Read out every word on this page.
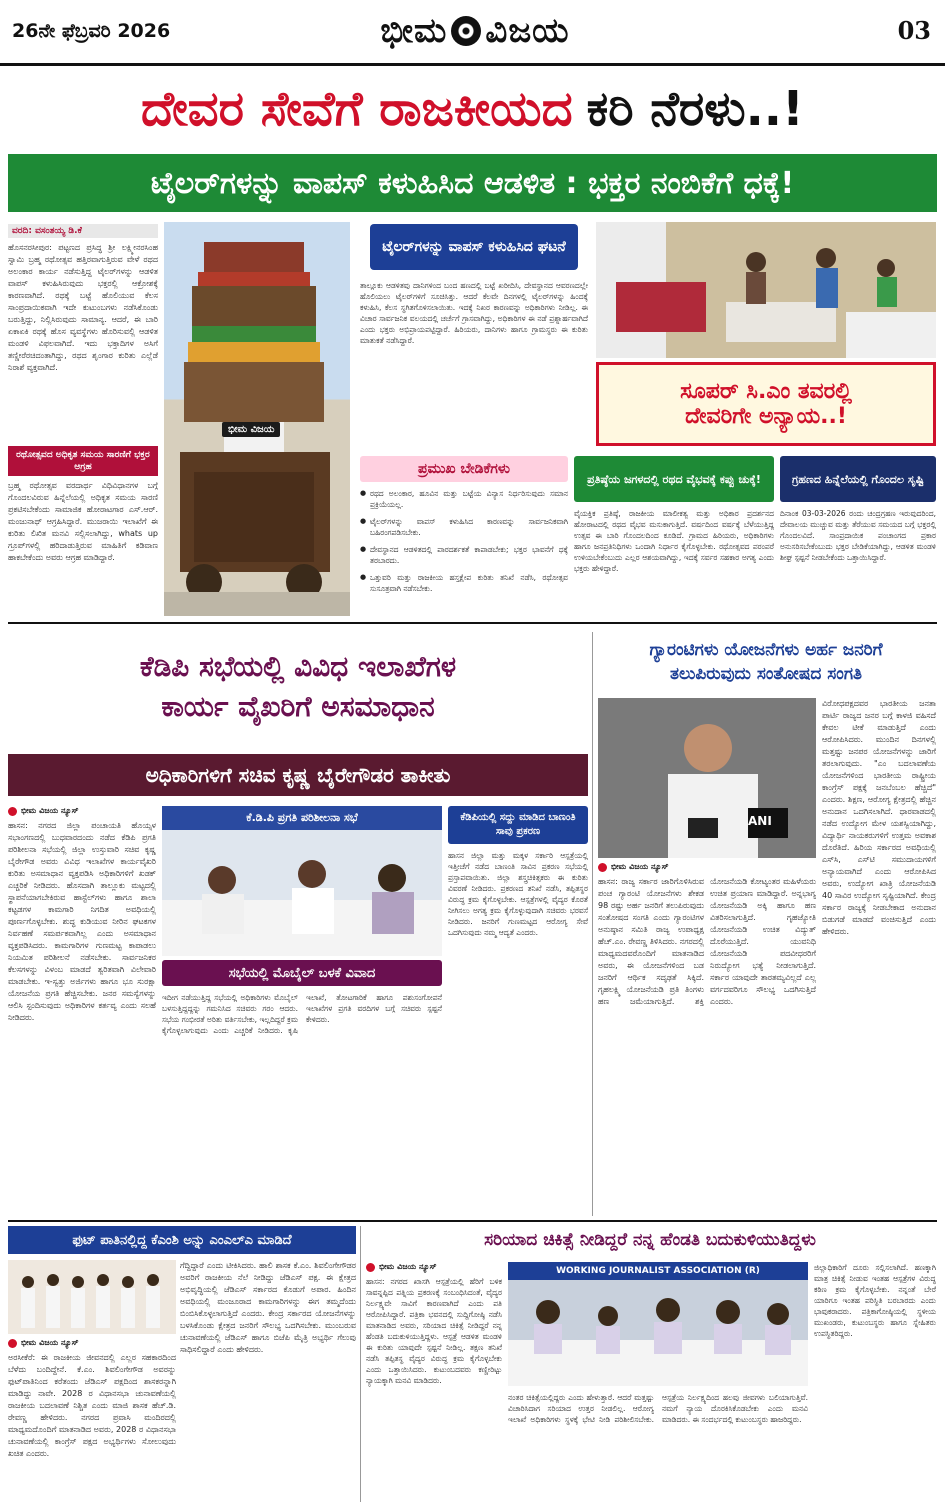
26ನೇ ಫೆಬ್ರವರಿ 2026	ಭೀಮ ವಿಜಯ	03
ದೇವರ ಸೇವೆಗೆ ರಾಜಕೀಯದ ಕರಿ ನೆರಳು..!
ಟೈಲರ್‌ಗಳನ್ನು ವಾಪಸ್ ಕಳುಹಿಸಿದ ಆಡಳಿತ : ಭಕ್ತರ ನಂಬಿಕೆಗೆ ಧಕ್ಕೆ!
ವರದಿ: ವಸಂತಯ್ಯ ಡಿ.ಕೆ
ಹೊಸನರಸೀಪುರ: ಪಟ್ಟಣದ ಪ್ರಸಿದ್ಧ ಶ್ರೀ ಲಕ್ಷ್ಮೀನರಸಿಂಹ ಸ್ವಾಮಿ ಬ್ರಹ್ಮ ರಥೋತ್ಸವ ಹತ್ತಿರವಾಗುತ್ತಿರುವ ವೇಳೆ ರಥದ ಅಲಂಕಾರ ಕಾರ್ಯ ನಡೆಸುತ್ತಿದ್ದ ಟೈಲರ್‌ಗಳನ್ನು ಆಡಳಿತ ವಾಪಸ್ ಕಳುಹಿಸಿರುವುದು ಭಕ್ತರಲ್ಲಿ ಆಕ್ರೋಶಕ್ಕೆ ಕಾರಣವಾಗಿದೆ. ರಥಕ್ಕೆ ಬಟ್ಟೆ ಹೊಲಿಯುವ ಕೆಲಸ ಸಾಂಪ್ರದಾಯಿಕವಾಗಿ ಇದೇ ಕುಟುಂಬಗಳು ನಡೆಸಿಕೊಂಡು ಬರುತ್ತಿದ್ದು, ನಿಲ್ಲಿಸಿರುವುದು ಸಾಮಾನ್ಯ. ಆದರೆ, ಈ ಬಾರಿ ಏಕಾಏಕಿ ರಥಕ್ಕೆ ಹೊಸ ವ್ಯವಸ್ಥೆಗಳು ಹೊರಿಸುವಲ್ಲಿ ಆಡಳಿತ ಮಂಡಳಿ ವಿಫಲವಾಗಿದೆ. ಇದು ಭಕ್ತಾದಿಗಳ ಅಸಿಗೆ ತಣ್ಣೀರೆರಚಿದಂತಾಗಿದ್ದು, ರಥದ ಶೃಂಗಾರ ಕುರಿತು ಎಲ್ಲೆಡೆ ನಿರಾಶೆ ವ್ಯಕ್ತವಾಗಿದೆ.
ರಥೋತ್ಸವದ ಅಧಿಕೃತ ಸಮಯ ಸಾರಣಿಗೆ ಭಕ್ತರ ಆಗ್ರಹ
ಬ್ರಹ್ಮ ರಥೋತ್ಸವ ವರದಾರ್ಥ ವಿಧಿವಿಧಾನಗಳ ಬಗ್ಗೆ ಗೊಂದಲವಿರುವ ಹಿನ್ನೆಲೆಯಲ್ಲಿ ಅಧಿಕೃತ ಸಮಯ ಸಾರಣಿ ಪ್ರಕಟಿಸಬೇಕೆಂದು ಸಾಮಾಜಿಕ ಹೋರಾಟಗಾರ ಎಸ್.ಆರ್. ಮಂಜುನಾಥ್ ಆಗ್ರಹಿಸಿದ್ದಾರೆ. ಮುಜರಾಯಿ ಇಲಾಖೆಗೆ ಈ ಕುರಿತು ಲಿಖಿತ ಮನವಿ ಸಲ್ಲಿಸಲಾಗಿದ್ದು, whats up ಗ್ರೂಪ್‌ಗಳಲ್ಲಿ ಹರಿದಾಡುತ್ತಿರುವ ಮಾಹಿತಿಗೆ ಕಡಿವಾಣ ಹಾಕಬೇಕೆಂದು ಅವರು ಆಗ್ರಹ ಮಾಡಿದ್ದಾರೆ.
ಭೀಮ ವಿಜಯ
ಟೈಲರ್‌ಗಳನ್ನು ವಾಪಸ್ ಕಳುಹಿಸಿದ ಘಟನೆ
ತಾಲ್ಲೂಕು ಆಡಳಿತವು ದಾನಿಗಳಿಂದ ಬಂದ ಹಣದಲ್ಲಿ ಬಟ್ಟೆ ಖರೀದಿಸಿ, ದೇವಸ್ಥಾನದ ಆವರಣದಲ್ಲೇ ಹೊಲಿಯಲು ಟೈಲರ್‌ಗಳಿಗೆ ಸೂಚಿಸಿತ್ತು. ಆದರೆ ಕೆಲವೇ ದಿನಗಳಲ್ಲಿ ಟೈಲರ್‌ಗಳನ್ನು ಹಿಂದಕ್ಕೆ ಕಳುಹಿಸಿ, ಕೆಲಸ ಸ್ಥಗಿತಗೊಳಿಸಲಾಯಿತು. ಇದಕ್ಕೆ ನಿಖರ ಕಾರಣವನ್ನು ಅಧಿಕಾರಿಗಳು ನೀಡಿಲ್ಲ. ಈ ವಿಚಾರ ಸಾರ್ವಜನಿಕ ವಲಯದಲ್ಲಿ ಚರ್ಚೆಗೆ ಗ್ರಾಸವಾಗಿದ್ದು, ಅಧಿಕಾರಿಗಳ ಈ ನಡೆ ಪ್ರಶ್ನಾರ್ಹವಾಗಿದೆ ಎಂದು ಭಕ್ತರು ಅಭಿಪ್ರಾಯಪಟ್ಟಿದ್ದಾರೆ. ಹಿರಿಯರು, ದಾನಿಗಳು ಹಾಗೂ ಗ್ರಾಮಸ್ಥರು ಈ ಕುರಿತು ಮಾತುಕತೆ ನಡೆಸಿದ್ದಾರೆ.
ಸೂಪರ್ ಸಿ.ಎಂ ತವರಲ್ಲಿ
ದೇವರಿಗೇ ಅನ್ಯಾಯ..!
ಪ್ರಮುಖ ಬೇಡಿಕೆಗಳು
● ರಥದ ಅಲಂಕಾರ, ಹೂವಿನ ಮತ್ತು ಬಟ್ಟೆಯ ವಿನ್ಯಾಸ ನಿರ್ಧರಿಸುವುದು ಸಮಾನ ಪ್ರಕ್ರಿಯೆಯಲ್ಲ.
● ಟೈಲರ್‌ಗಳನ್ನು ವಾಪಸ್ ಕಳುಹಿಸಿದ ಕಾರಣವನ್ನು ಸಾರ್ವಜನಿಕವಾಗಿ ಬಹಿರಂಗಪಡಿಸಬೇಕು.
● ದೇವಸ್ಥಾನದ ಆಡಳಿತದಲ್ಲಿ ಪಾರದರ್ಶಕತೆ ಕಾಪಾಡಬೇಕು; ಭಕ್ತರ ಭಾವನೆಗೆ ಧಕ್ಕೆ ತರಬಾರದು.
● ಒತ್ತುವರಿ ಮತ್ತು ರಾಜಕೀಯ ಹಸ್ತಕ್ಷೇಪ ಕುರಿತು ತನಿಖೆ ನಡೆಸಿ, ರಥೋತ್ಸವ ಸುಸೂತ್ರವಾಗಿ ನಡೆಸಬೇಕು.
ಪ್ರತಿಷ್ಠೆಯ ಜಗಳದಲ್ಲಿ ರಥದ ವೈಭವಕ್ಕೆ ಕಪ್ಪು ಚುಕ್ಕೆ!
ವೈಯಕ್ತಿಕ ಪ್ರತಿಷ್ಠೆ, ರಾಜಕೀಯ ಮಾಲೀಕತ್ವ ಮತ್ತು ಅಧಿಕಾರ ಪ್ರದರ್ಶನದ ಹೋರಾಟದಲ್ಲಿ ರಥದ ವೈಭವ ಮಸುಕಾಗುತ್ತಿದೆ. ವರ್ಷದಿಂದ ವರ್ಷಕ್ಕೆ ಬೆಳೆಯುತ್ತಿದ್ದ ಉತ್ಸವ ಈ ಬಾರಿ ಗೊಂದಲದಿಂದ ಕೂಡಿದೆ. ಗ್ರಾಮದ ಹಿರಿಯರು, ಅಧಿಕಾರಿಗಳು ಹಾಗೂ ಜನಪ್ರತಿನಿಧಿಗಳು ಒಂದಾಗಿ ನಿರ್ಧಾರ ಕೈಗೊಳ್ಳಬೇಕು. ರಥೋತ್ಸವದ ಪರಂಪರೆ ಉಳಿಯಬೇಕೆಂಬುದು ಎಲ್ಲರ ಆಶಯವಾಗಿದ್ದು, ಇದಕ್ಕೆ ಸರ್ವರ ಸಹಕಾರ ಅಗತ್ಯ ಎಂದು ಭಕ್ತರು ಹೇಳಿದ್ದಾರೆ.
ಗ್ರಹಣದ ಹಿನ್ನೆಲೆಯಲ್ಲಿ ಗೊಂದಲ ಸೃಷ್ಟಿ
ದಿನಾಂಕ 03-03-2026 ರಂದು ಚಂದ್ರಗ್ರಹಣ ಇರುವುದರಿಂದ, ದೇವಾಲಯ ಮುಚ್ಚುವ ಮತ್ತು ತೆರೆಯುವ ಸಮಯದ ಬಗ್ಗೆ ಭಕ್ತರಲ್ಲಿ ಗೊಂದಲವಿದೆ. ಸಾಂಪ್ರದಾಯಿಕ ಪಂಚಾಂಗದ ಪ್ರಕಾರ ಅನುಸರಿಸಬೇಕೆಂಬುದು ಭಕ್ತರ ಬೇಡಿಕೆಯಾಗಿದ್ದು, ಆಡಳಿತ ಮಂಡಳಿ ಶೀಘ್ರ ಸ್ಪಷ್ಟನೆ ನೀಡಬೇಕೆಂದು ಒತ್ತಾಯಿಸಿದ್ದಾರೆ.
ಕೆಡಿಪಿ ಸಭೆಯಲ್ಲಿ ವಿವಿಧ ಇಲಾಖೆಗಳ
ಕಾರ್ಯ ವೈಖರಿಗೆ ಅಸಮಾಧಾನ
ಅಧಿಕಾರಿಗಳಿಗೆ ಸಚಿವ ಕೃಷ್ಣ ಬೈರೇಗೌಡರ ತಾಕೀತು
ಭೀಮ ವಿಜಯ ನ್ಯೂಸ್
ಹಾಸನ: ನಗರದ ಜಿಲ್ಲಾ ಪಂಚಾಯತಿ ಹೊಯ್ಸಳ ಸಭಾಂಗಣದಲ್ಲಿ ಬುಧವಾರದಂದು ನಡೆದ ಕೆಡಿಪಿ ಪ್ರಗತಿ ಪರಿಶೀಲನಾ ಸಭೆಯಲ್ಲಿ ಜಿಲ್ಲಾ ಉಸ್ತುವಾರಿ ಸಚಿವ ಕೃಷ್ಣ ಬೈರೇಗೌಡ ಅವರು ವಿವಿಧ ಇಲಾಖೆಗಳ ಕಾರ್ಯವೈಖರಿ ಕುರಿತು ಅಸಮಾಧಾನ ವ್ಯಕ್ತಪಡಿಸಿ ಅಧಿಕಾರಿಗಳಿಗೆ ಖಡಕ್ ಎಚ್ಚರಿಕೆ ನೀಡಿದರು. ಹೊಸದಾಗಿ ತಾಲ್ಲೂಕು ಮಟ್ಟದಲ್ಲಿ ಸ್ಥಾಪನೆಯಾಗಬೇಕಿರುವ ಹಾಸ್ಟೆಲ್‌ಗಳು ಹಾಗೂ ಶಾಲಾ ಕಟ್ಟಡಗಳ ಕಾಮಗಾರಿ ನಿಗದಿತ ಅವಧಿಯಲ್ಲಿ ಪೂರ್ಣಗೊಳ್ಳಬೇಕು. ಶುದ್ಧ ಕುಡಿಯುವ ನೀರಿನ ಘಟಕಗಳ ನಿರ್ವಹಣೆ ಸಮರ್ಪಕವಾಗಿಲ್ಲ ಎಂದು ಅಸಮಾಧಾನ ವ್ಯಕ್ತಪಡಿಸಿದರು. ಕಾಮಗಾರಿಗಳ ಗುಣಮಟ್ಟ ಕಾಪಾಡಲು ನಿಯಮಿತ ಪರಿಶೀಲನೆ ನಡೆಸಬೇಕು. ಸಾರ್ವಜನಿಕರ ಕೆಲಸಗಳನ್ನು ವಿಳಂಬ ಮಾಡದೆ ತ್ವರಿತವಾಗಿ ವಿಲೇವಾರಿ ಮಾಡಬೇಕು. ಇ-ಸ್ವತ್ತು ಅರ್ಜಿಗಳು ಹಾಗೂ ಭೂ ಸುರಕ್ಷಾ ಯೋಜನೆಯ ಪ್ರಗತಿ ಹೆಚ್ಚಿಸಬೇಕು. ಜನರ ಸಮಸ್ಯೆಗಳನ್ನು ಆಲಿಸಿ ಸ್ಪಂದಿಸುವುದು ಅಧಿಕಾರಿಗಳ ಕರ್ತವ್ಯ ಎಂದು ಸಲಹೆ ನೀಡಿದರು.
ಕೆ.ಡಿ.ಪಿ ಪ್ರಗತಿ ಪರಿಶೀಲನಾ ಸಭೆ	ಕೆಡಿಪಿಯಲ್ಲಿ ಸದ್ದು ಮಾಡಿದ ಬಾಣಂತಿ ಸಾವು ಪ್ರಕರಣ
ಹಾಸನ ಜಿಲ್ಲಾ ಮತ್ತು ಮಕ್ಕಳ ಸರ್ಕಾರಿ ಆಸ್ಪತ್ರೆಯಲ್ಲಿ ಇತ್ತೀಚೆಗೆ ನಡೆದ ಬಾಣಂತಿ ಸಾವಿನ ಪ್ರಕರಣ ಸಭೆಯಲ್ಲಿ ಪ್ರಸ್ತಾಪವಾಯಿತು. ಜಿಲ್ಲಾ ಶಸ್ತ್ರಚಿಕಿತ್ಸಕರು ಈ ಕುರಿತು ವಿವರಣೆ ನೀಡಿದರು. ಪ್ರಕರಣದ ತನಿಖೆ ನಡೆಸಿ, ತಪ್ಪಿತಸ್ಥರ ವಿರುದ್ಧ ಕ್ರಮ ಕೈಗೊಳ್ಳಬೇಕು. ಆಸ್ಪತ್ರೆಗಳಲ್ಲಿ ವೈದ್ಯರ ಕೊರತೆ ನೀಗಿಸಲು ಅಗತ್ಯ ಕ್ರಮ ಕೈಗೊಳ್ಳುವುದಾಗಿ ಸಚಿವರು ಭರವಸೆ ನೀಡಿದರು. ಜನರಿಗೆ ಗುಣಮಟ್ಟದ ಆರೋಗ್ಯ ಸೇವೆ ಒದಗಿಸುವುದು ನಮ್ಮ ಆದ್ಯತೆ ಎಂದರು.
ಸಭೆಯಲ್ಲಿ ಮೊಬೈಲ್ ಬಳಕೆ ವಿವಾದ
ಇದೀಗ ನಡೆಯುತ್ತಿದ್ದ ಸಭೆಯಲ್ಲಿ ಅಧಿಕಾರಿಗಳು ಮೊಬೈಲ್ ಬಳಸುತ್ತಿದ್ದದ್ದನ್ನು ಗಮನಿಸಿದ ಸಚಿವರು ಗರಂ ಆದರು. ಸಭೆಯ ಗಂಭೀರತೆ ಅರಿತು ವರ್ತಿಸಬೇಕು, ಇಲ್ಲದಿದ್ದರೆ ಕ್ರಮ ಕೈಗೊಳ್ಳಲಾಗುವುದು ಎಂದು ಎಚ್ಚರಿಕೆ ನೀಡಿದರು. ಕೃಷಿ ಇಲಾಖೆ, ತೋಟಗಾರಿಕೆ ಹಾಗೂ ಪಶುಸಂಗೋಪನೆ ಇಲಾಖೆಗಳ ಪ್ರಗತಿ ವರದಿಗಳ ಬಗ್ಗೆ ಸಚಿವರು ಸ್ಪಷ್ಟನೆ ಕೇಳಿದರು.
ಗ್ಯಾರಂಟಿಗಳು ಯೋಜನೆಗಳು ಅರ್ಹ ಜನರಿಗೆ
ತಲುಪಿರುವುದು ಸಂತೋಷದ ಸಂಗತಿ
ANI
ವಿರೋಧಪಕ್ಷದವರ ಭಾರತೀಯ ಜನತಾ ಪಾರ್ಟಿ ರಾಜ್ಯದ ಜನರ ಬಗ್ಗೆ ಕಾಳಜಿ ವಹಿಸದೆ ಕೇವಲ ಟೀಕೆ ಮಾಡುತ್ತಿದೆ ಎಂದು ಆರೋಪಿಸಿದರು. ಮುಂದಿನ ದಿನಗಳಲ್ಲಿ ಮತ್ತಷ್ಟು ಜನಪರ ಯೋಜನೆಗಳನ್ನು ಜಾರಿಗೆ ತರಲಾಗುವುದು. "ಎಂ ಬದಲಾವಣೆಯ ಯೋಜನೆಗಳಿಂದ ಭಾರತೀಯ ರಾಷ್ಟ್ರೀಯ ಕಾಂಗ್ರೆಸ್ ಪಕ್ಷಕ್ಕೆ ಜನಬೆಂಬಲ ಹೆಚ್ಚಿದೆ" ಎಂದರು. ಶಿಕ್ಷಣ, ಆರೋಗ್ಯ ಕ್ಷೇತ್ರದಲ್ಲಿ ಹೆಚ್ಚಿನ ಅನುದಾನ ಒದಗಿಸಲಾಗಿದೆ. ಧಾರವಾಡದಲ್ಲಿ ನಡೆದ ಉದ್ಯೋಗ ಮೇಳ ಯಶಸ್ವಿಯಾಗಿದ್ದು, ವಿದ್ಯಾರ್ಥಿ ನಾಯಕರುಗಳಿಗೆ ಉತ್ತಮ ಅವಕಾಶ ದೊರೆತಿದೆ. ಹಿರಿಯ ಸರ್ಕಾರದ ಅವಧಿಯಲ್ಲಿ ಎಸ್‌ಸಿ, ಎಸ್‌ಟಿ ಸಮುದಾಯಗಳಿಗೆ ಅನ್ಯಾಯವಾಗಿದೆ ಎಂದು ಆರೋಪಿಸಿದ ಅವರು, ಉದ್ಯೋಗ ಖಾತ್ರಿ ಯೋಜನೆಯಡಿ 40 ಸಾವಿರ ಉದ್ಯೋಗ ಸೃಷ್ಟಿಯಾಗಿದೆ. ಕೇಂದ್ರ ಸರ್ಕಾರ ರಾಜ್ಯಕ್ಕೆ ನೀಡಬೇಕಾದ ಅನುದಾನ ಬಿಡುಗಡೆ ಮಾಡದೆ ವಂಚಿಸುತ್ತಿದೆ ಎಂದು ಹೇಳಿದರು.
ಭೀಮ ವಿಜಯ ನ್ಯೂಸ್
ಹಾಸನ: ರಾಜ್ಯ ಸರ್ಕಾರ ಜಾರಿಗೊಳಿಸಿರುವ ಪಂಚ ಗ್ಯಾರಂಟಿ ಯೋಜನೆಗಳು ಶೇಕಡ 98 ರಷ್ಟು ಅರ್ಹ ಜನರಿಗೆ ತಲುಪಿರುವುದು ಸಂತೋಷದ ಸಂಗತಿ ಎಂದು ಗ್ಯಾರಂಟಿಗಳ ಅನುಷ್ಠಾನ ಸಮಿತಿ ರಾಜ್ಯ ಉಪಾಧ್ಯಕ್ಷ ಹೆಚ್.ಎಂ. ರೇವಣ್ಣ ತಿಳಿಸಿದರು. ನಗರದಲ್ಲಿ ಮಾಧ್ಯಮದವರೊಂದಿಗೆ ಮಾತನಾಡಿದ ಅವರು, ಈ ಯೋಜನೆಗಳಿಂದ ಬಡ ಜನರಿಗೆ ಆರ್ಥಿಕ ಸದೃಢತೆ ಸಿಕ್ಕಿದೆ. ಗೃಹಲಕ್ಷ್ಮಿ ಯೋಜನೆಯಡಿ ಪ್ರತಿ ತಿಂಗಳು ಹಣ ಜಮೆಯಾಗುತ್ತಿದೆ. ಶಕ್ತಿ ಯೋಜನೆಯಡಿ ಕೋಟ್ಯಂತರ ಮಹಿಳೆಯರು ಉಚಿತ ಪ್ರಯಾಣ ಮಾಡಿದ್ದಾರೆ. ಅನ್ನಭಾಗ್ಯ ಯೋಜನೆಯಡಿ ಅಕ್ಕಿ ಹಾಗೂ ಹಣ ವಿತರಿಸಲಾಗುತ್ತಿದೆ. ಗೃಹಜ್ಯೋತಿ ಯೋಜನೆಯಡಿ ಉಚಿತ ವಿದ್ಯುತ್ ದೊರೆಯುತ್ತಿದೆ. ಯುವನಿಧಿ ಯೋಜನೆಯಡಿ ಪದವೀಧರರಿಗೆ ನಿರುದ್ಯೋಗ ಭತ್ಯೆ ನೀಡಲಾಗುತ್ತಿದೆ. ಸರ್ಕಾರ ಯಾವುದೇ ತಾರತಮ್ಯವಿಲ್ಲದೆ ಎಲ್ಲ ವರ್ಗದವರಿಗೂ ಸೌಲಭ್ಯ ಒದಗಿಸುತ್ತಿದೆ ಎಂದರು.
ಫುಟ್ ಪಾತಿನಲ್ಲಿದ್ದ ಕೆಎಂಶಿ ಅನ್ನು ಎಂಎಲ್‌ಎ ಮಾಡಿದೆ
ಭೀಮ ವಿಜಯ ನ್ಯೂಸ್
ಅರಸೀಕೆರೆ: ಈ ರಾಜಕೀಯ ಜೀವನದಲ್ಲಿ ಎಲ್ಲರ ಸಹಕಾರದಿಂದ ಬೆಳೆದು ಬಂದಿದ್ದೇನೆ. ಕೆ.ಎಂ. ಶಿವಲಿಂಗೇಗೌಡ ಅವರನ್ನು ಫುಟ್‌ಪಾತಿನಿಂದ ಕರೆತಂದು ಜೆಡಿಎಸ್ ಪಕ್ಷದಿಂದ ಶಾಸಕರನ್ನಾಗಿ ಮಾಡಿದ್ದು ನಾವೇ. 2028 ರ ವಿಧಾನಸಭಾ ಚುನಾವಣೆಯಲ್ಲಿ ರಾಜಕೀಯ ಬದಲಾವಣೆ ನಿಶ್ಚಿತ ಎಂದು ಮಾಜಿ ಶಾಸಕ ಹೆಚ್.ಡಿ. ರೇವಣ್ಣ ಹೇಳಿದರು. ನಗರದ ಪ್ರವಾಸಿ ಮಂದಿರದಲ್ಲಿ ಮಾಧ್ಯಮದೊಂದಿಗೆ ಮಾತನಾಡಿದ ಅವರು, 2028 ರ ವಿಧಾನಸಭಾ ಚುನಾವಣೆಯಲ್ಲಿ ಕಾಂಗ್ರೆಸ್ ಪಕ್ಷದ ಅಭ್ಯರ್ಥಿಗಳು ಸೋಲುವುದು ಖಚಿತ ಎಂದರು.
ಗೆದ್ದಿದ್ದಾರೆ ಎಂದು ಟೀಕಿಸಿದರು. ಹಾಲಿ ಶಾಸಕ ಕೆ.ಎಂ. ಶಿವಲಿಂಗೇಗೌಡರ ಅವರಿಗೆ ರಾಜಕೀಯ ನೆಲೆ ನೀಡಿದ್ದು ಜೆಡಿಎಸ್ ಪಕ್ಷ. ಈ ಕ್ಷೇತ್ರದ ಅಭಿವೃದ್ಧಿಯಲ್ಲಿ ಜೆಡಿಎಸ್ ಸರ್ಕಾರದ ಕೊಡುಗೆ ಅಪಾರ. ಹಿಂದಿನ ಅವಧಿಯಲ್ಲಿ ಮಂಜೂರಾದ ಕಾಮಗಾರಿಗಳನ್ನು ಈಗ ತಮ್ಮದೆಂದು ಬಿಂಬಿಸಿಕೊಳ್ಳಲಾಗುತ್ತಿದೆ ಎಂದರು. ಕೇಂದ್ರ ಸರ್ಕಾರದ ಯೋಜನೆಗಳನ್ನು ಬಳಸಿಕೊಂಡು ಕ್ಷೇತ್ರದ ಜನರಿಗೆ ಸೌಲಭ್ಯ ಒದಗಿಸಬೇಕು. ಮುಂಬರುವ ಚುನಾವಣೆಯಲ್ಲಿ ಜೆಡಿಎಸ್ ಹಾಗೂ ಬಿಜೆಪಿ ಮೈತ್ರಿ ಅಭ್ಯರ್ಥಿ ಗೆಲುವು ಸಾಧಿಸಲಿದ್ದಾರೆ ಎಂದು ಹೇಳಿದರು.
ಸರಿಯಾದ ಚಿಕಿತ್ಸೆ ನೀಡಿದ್ದರೆ ನನ್ನ ಹೆಂಡತಿ ಬದುಕುಳಿಯುತಿದ್ದಳು
ಭೀಮ ವಿಜಯ ನ್ಯೂಸ್
ಹಾಸನ: ನಗರದ ಖಾಸಗಿ ಆಸ್ಪತ್ರೆಯಲ್ಲಿ ಹೆರಿಗೆ ಬಳಿಕ ಸಾವನ್ನಪ್ಪಿದ ಪತ್ನಿಯ ಪ್ರಕರಣಕ್ಕೆ ಸಂಬಂಧಿಸಿದಂತೆ, ವೈದ್ಯರ ನಿರ್ಲಕ್ಷ್ಯವೇ ಸಾವಿಗೆ ಕಾರಣವಾಗಿದೆ ಎಂದು ಪತಿ ಆರೋಪಿಸಿದ್ದಾರೆ. ಪತ್ರಿಕಾ ಭವನದಲ್ಲಿ ಸುದ್ದಿಗೋಷ್ಠಿ ನಡೆಸಿ ಮಾತನಾಡಿದ ಅವರು, ಸರಿಯಾದ ಚಿಕಿತ್ಸೆ ನೀಡಿದ್ದರೆ ನನ್ನ ಹೆಂಡತಿ ಬದುಕುಳಿಯುತ್ತಿದ್ದಳು. ಆಸ್ಪತ್ರೆ ಆಡಳಿತ ಮಂಡಳಿ ಈ ಕುರಿತು ಯಾವುದೇ ಸ್ಪಷ್ಟನೆ ನೀಡಿಲ್ಲ. ತಕ್ಷಣ ತನಿಖೆ ನಡೆಸಿ ತಪ್ಪಿತಸ್ಥ ವೈದ್ಯರ ವಿರುದ್ಧ ಕ್ರಮ ಕೈಗೊಳ್ಳಬೇಕು ಎಂದು ಒತ್ತಾಯಿಸಿದರು. ಕುಟುಂಬದವರು ಕಣ್ಣೀರಿಟ್ಟು ನ್ಯಾಯಕ್ಕಾಗಿ ಮನವಿ ಮಾಡಿದರು.
WORKING JOURNALIST ASSOCIATION (R)
ನಂತರ ಚಿಕಿತ್ಸೆಯಲ್ಲಿದ್ದರು ಎಂದು ಹೇಳುತ್ತಾರೆ. ಆದರೆ ಮತ್ತಷ್ಟು ವಿಚಾರಿಸಿದಾಗ ಸರಿಯಾದ ಉತ್ತರ ನೀಡಲಿಲ್ಲ. ಆರೋಗ್ಯ ಇಲಾಖೆ ಅಧಿಕಾರಿಗಳು ಸ್ಥಳಕ್ಕೆ ಭೇಟಿ ನೀಡಿ ಪರಿಶೀಲಿಸಬೇಕು. ಆಸ್ಪತ್ರೆಯ ನಿರ್ಲಕ್ಷ್ಯದಿಂದ ಹಲವು ಜೀವಗಳು ಬಲಿಯಾಗುತ್ತಿವೆ. ನಮಗೆ ನ್ಯಾಯ ದೊರಕಿಸಿಕೊಡಬೇಕು ಎಂದು ಮನವಿ ಮಾಡಿದರು. ಈ ಸಂದರ್ಭದಲ್ಲಿ ಕುಟುಂಬಸ್ಥರು ಹಾಜರಿದ್ದರು.
ಜಿಲ್ಲಾಧಿಕಾರಿಗೆ ದೂರು ಸಲ್ಲಿಸಲಾಗಿದೆ. ಹಣಕ್ಕಾಗಿ ಮಾತ್ರ ಚಿಕಿತ್ಸೆ ನೀಡುವ ಇಂತಹ ಆಸ್ಪತ್ರೆಗಳ ವಿರುದ್ಧ ಕಠಿಣ ಕ್ರಮ ಕೈಗೊಳ್ಳಬೇಕು. ನನ್ನಂತೆ ಬೇರೆ ಯಾರಿಗೂ ಇಂತಹ ಪರಿಸ್ಥಿತಿ ಬರಬಾರದು ಎಂದು ಭಾವುಕರಾದರು. ಪತ್ರಿಕಾಗೋಷ್ಠಿಯಲ್ಲಿ ಸ್ಥಳೀಯ ಮುಖಂಡರು, ಕುಟುಂಬಸ್ಥರು ಹಾಗೂ ಸ್ನೇಹಿತರು ಉಪಸ್ಥಿತರಿದ್ದರು.
